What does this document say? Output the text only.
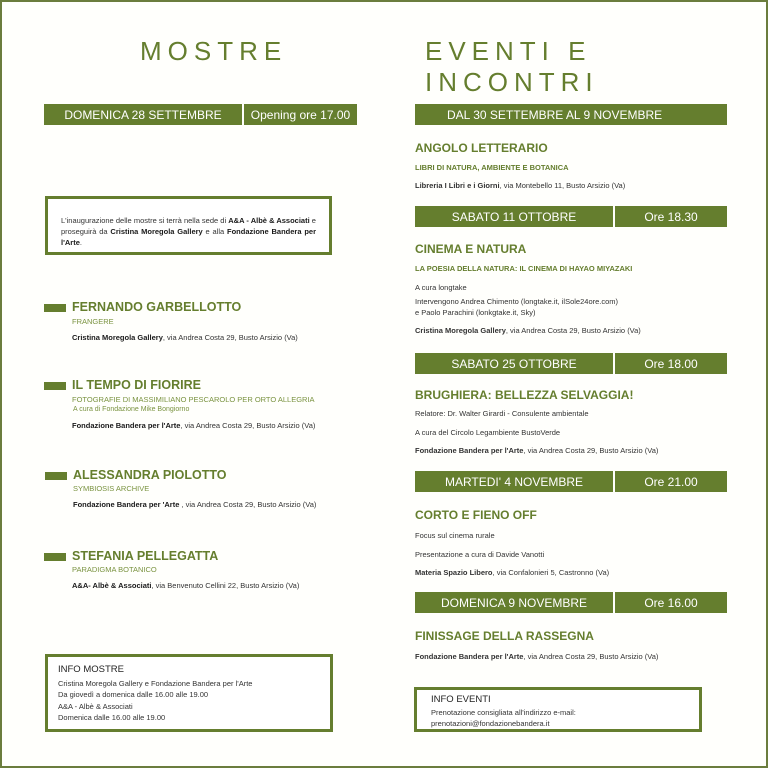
MOSTRE
DOMENICA 28 SETTEMBRE	Opening ore 17.00

L'inaugurazione delle mostre si terrà nella sede di A&A - Albè & Associati e proseguirà da Cristina Moregola Gallery e alla Fondazione Bandera per l'Arte.

FERNANDO GARBELLOTTO
FRANGERE
Cristina Moregola Gallery, via Andrea Costa 29, Busto Arsizio (Va)
IL TEMPO DI FIORIRE
FOTOGRAFIE DI MASSIMILIANO PESCAROLO PER ORTO ALLEGRIA
A cura di Fondazione Mike Bongiorno
Fondazione Bandera per l'Arte, via Andrea Costa 29, Busto Arsizio (Va)
ALESSANDRA PIOLOTTO
SYMBIOSIS ARCHIVE
Fondazione Bandera per 'Arte , via Andrea Costa 29, Busto Arsizio (Va)
STEFANIA PELLEGATTA
PARADIGMA BOTANICO
A&A- Albè & Associati, via Benvenuto Cellini 22, Busto Arsizio (Va)
INFO MOSTRE
Cristina Moregola Gallery e Fondazione Bandera per l'Arte
Da giovedì a domenica dalle 16.00 alle 19.00
A&A - Albè & Associati
Domenica dalle 16.00 alle 19.00
EVENTI E INCONTRI
DAL 30 SETTEMBRE AL 9 NOVEMBRE
ANGOLO LETTERARIO
LIBRI DI NATURA, AMBIENTE E BOTANICA
Libreria I Libri e i Giorni, via Montebello 11, Busto Arsizio (Va)
SABATO 11 OTTOBRE	Ore 18.30
CINEMA E NATURA
LA POESIA DELLA NATURA: IL CINEMA DI HAYAO MIYAZAKI
A cura longtake
Intervengono Andrea Chimento (longtake.it, ilSole24ore.com)
e Paolo Parachini (lonkgtake.it, Sky)
Cristina Moregola Gallery, via Andrea Costa 29, Busto Arsizio (Va)
SABATO 25 OTTOBRE	Ore 18.00
BRUGHIERA: BELLEZZA SELVAGGIA!
Relatore: Dr. Walter Girardi - Consulente ambientale
A cura del Circolo Legambiente BustoVerde
Fondazione Bandera per l'Arte, via Andrea Costa 29, Busto Arsizio (Va)
MARTEDI' 4 NOVEMBRE	Ore 21.00
CORTO E FIENO OFF
Focus sul cinema rurale
Presentazione a cura di Davide Vanotti
Materia Spazio Libero, via Confalonieri 5, Castronno (Va)
DOMENICA 9 NOVEMBRE	Ore 16.00
FINISSAGE DELLA RASSEGNA
Fondazione Bandera per l'Arte, via Andrea Costa 29, Busto Arsizio (Va)
INFO EVENTI
Prenotazione consigliata all'indirizzo e-mail:
prenotazioni@fondazionebandera.it
